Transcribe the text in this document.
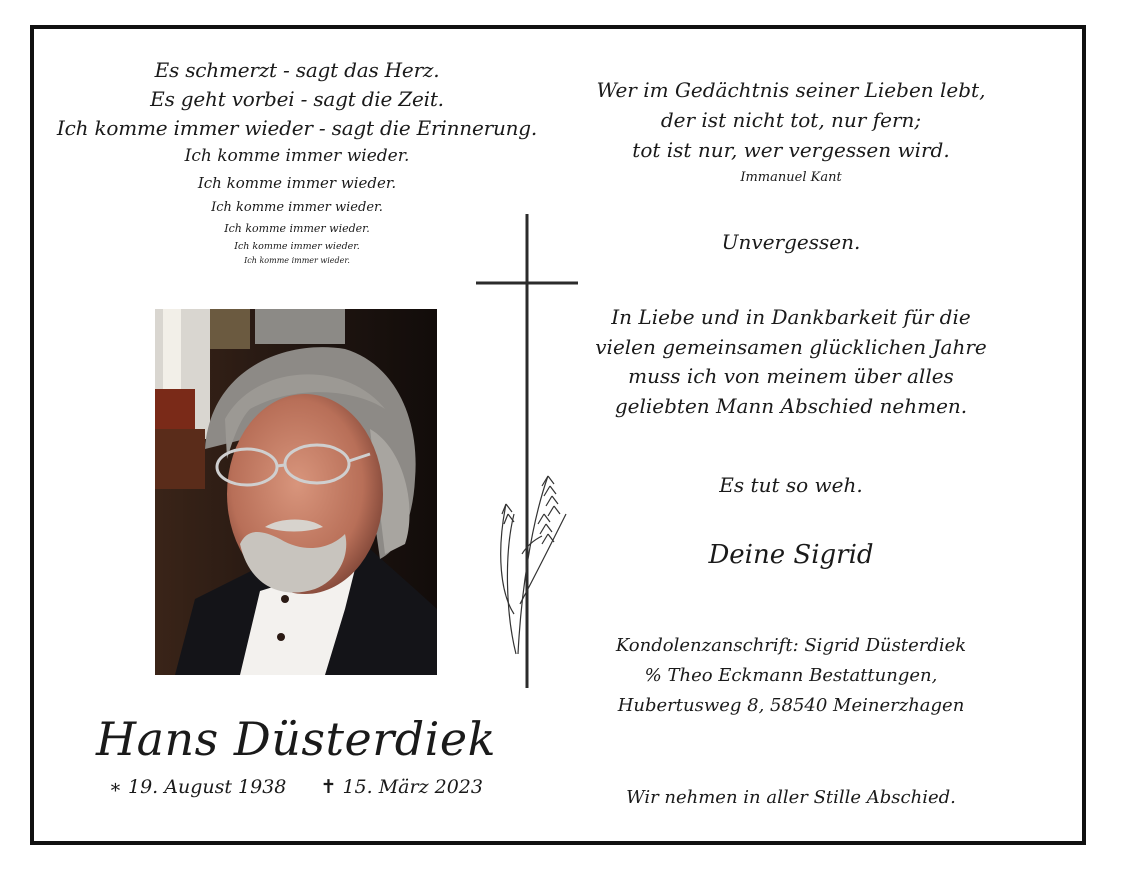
Es schmerzt - sagt das Herz.
Es geht vorbei - sagt die Zeit.
Ich komme immer wieder - sagt die Erinnerung.
Ich komme immer wieder.
Ich komme immer wieder.
Ich komme immer wieder.
Ich komme immer wieder.
Ich komme immer wieder.
Ich komme immer wieder.
Hans Düsterdiek
∗ 19. August 1938 ✝ 15. März 2023
Wer im Gedächtnis seiner Lieben lebt,
der ist nicht tot, nur fern;
tot ist nur, wer vergessen wird.
Immanuel Kant
Unvergessen.
In Liebe und in Dankbarkeit für die
vielen gemeinsamen glücklichen Jahre
muss ich von meinem über alles
geliebten Mann Abschied nehmen.
Es tut so weh.
Deine Sigrid
Kondolenzanschrift: Sigrid Düsterdiek
% Theo Eckmann Bestattungen,
Hubertusweg 8, 58540 Meinerzhagen
Wir nehmen in aller Stille Abschied.
